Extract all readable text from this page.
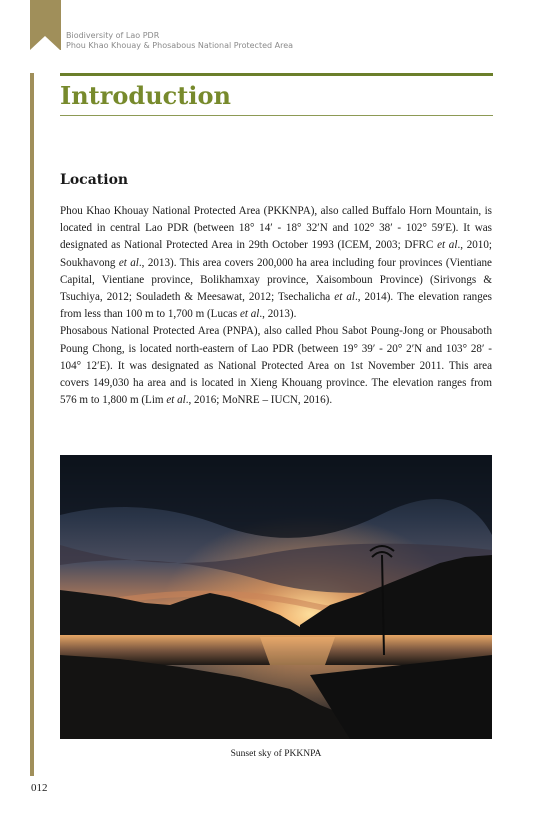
Biodiversity of Lao PDR
Phou Khao Khouay & Phosabous National Protected Area
Introduction
Location

Phou Khao Khouay National Protected Area (PKKNPA), also called Buffalo Horn Mountain, is located in central Lao PDR (between 18° 14′ - 18° 32′N and 102° 38′ - 102° 59′E). It was designated as National Protected Area in 29th October 1993 (ICEM, 2003; DFRC et al., 2010; Soukhavong et al., 2013). This area covers 200,000 ha area including four provinces (Vientiane Capital, Vientiane province, Bolikhamxay province, Xaisomboun Province) (Sirivongs & Tsuchiya, 2012; Souladeth & Meesawat, 2012; Tsechalicha et al., 2014). The elevation ranges from less than 100 m to 1,700 m (Lucas et al., 2013).

Phosabous National Protected Area (PNPA), also called Phou Sabot Poung-Jong or Phousaboth Poung Chong, is located north-eastern of Lao PDR (between 19° 39′ - 20° 2′N and 103° 28′ - 104° 12′E). It was designated as National Protected Area on 1st November 2011. This area covers 149,030 ha area and is located in Xieng Khouang province. The elevation ranges from 576 m to 1,800 m (Lim et al., 2016; MoNRE – IUCN, 2016).

Sunset sky of PKKNPA
012
